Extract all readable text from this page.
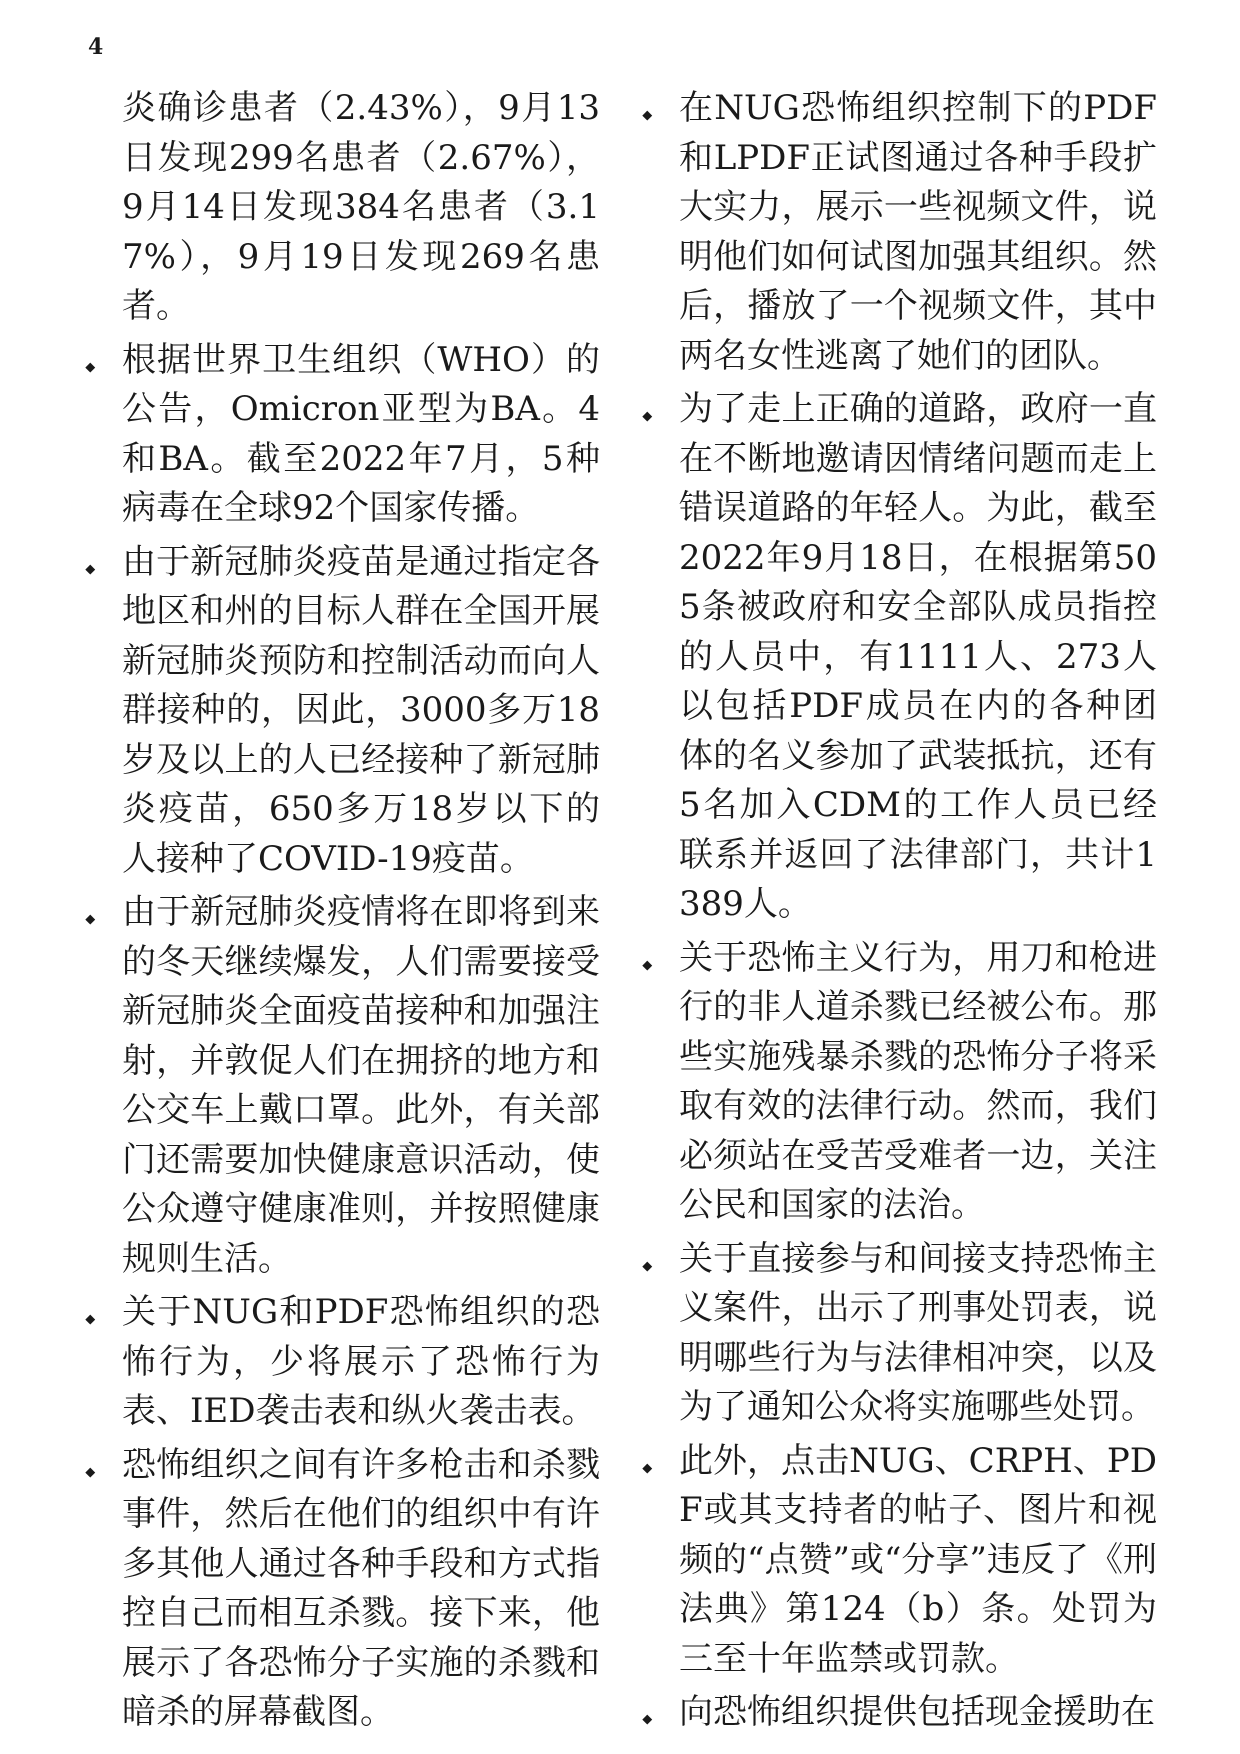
4
炎确诊患者（2.43%），9月13日发现299名患者（2.67%），9月14日发现384名患者（3.17%），9月19日发现269名患者。
根据世界卫生组织（WHO）的公告，Omicron亚型为BA。4和BA。截至2022年7月，5种病毒在全球92个国家传播。
由于新冠肺炎疫苗是通过指定各地区和州的目标人群在全国开展新冠肺炎预防和控制活动而向人群接种的，因此，3000多万18岁及以上的人已经接种了新冠肺炎疫苗，650多万18岁以下的人接种了COVID-19疫苗。
由于新冠肺炎疫情将在即将到来的冬天继续爆发，人们需要接受新冠肺炎全面疫苗接种和加强注射，并敦促人们在拥挤的地方和公交车上戴口罩。此外，有关部门还需要加快健康意识活动，使公众遵守健康准则，并按照健康规则生活。
关于NUG和PDF恐怖组织的恐怖行为，少将展示了恐怖行为表、IED袭击表和纵火袭击表。
恐怖组织之间有许多枪击和杀戮事件，然后在他们的组织中有许多其他人通过各种手段和方式指控自己而相互杀戮。接下来，他展示了各恐怖分子实施的杀戮和暗杀的屏幕截图。
在NUG恐怖组织控制下的PDF和LPDF正试图通过各种手段扩大实力，展示一些视频文件，说明他们如何试图加强其组织。然后，播放了一个视频文件，其中两名女性逃离了她们的团队。
为了走上正确的道路，政府一直在不断地邀请因情绪问题而走上错误道路的年轻人。为此，截至2022年9月18日，在根据第505条被政府和安全部队成员指控的人员中，有1111人、273人以包括PDF成员在内的各种团体的名义参加了武装抵抗，还有5名加入CDM的工作人员已经联系并返回了法律部门，共计1389人。
关于恐怖主义行为，用刀和枪进行的非人道杀戮已经被公布。那些实施残暴杀戮的恐怖分子将采取有效的法律行动。然而，我们必须站在受苦受难者一边，关注公民和国家的法治。
关于直接参与和间接支持恐怖主义案件，出示了刑事处罚表，说明哪些行为与法律相冲突，以及为了通知公众将实施哪些处罚。
此外，点击NUG、CRPH、PDF或其支持者的帖子、图片和视频的“点赞”或“分享”违反了《刑法典》第124（b）条。处罚为三至十年监禁或罚款。
向恐怖组织提供包括现金援助在
